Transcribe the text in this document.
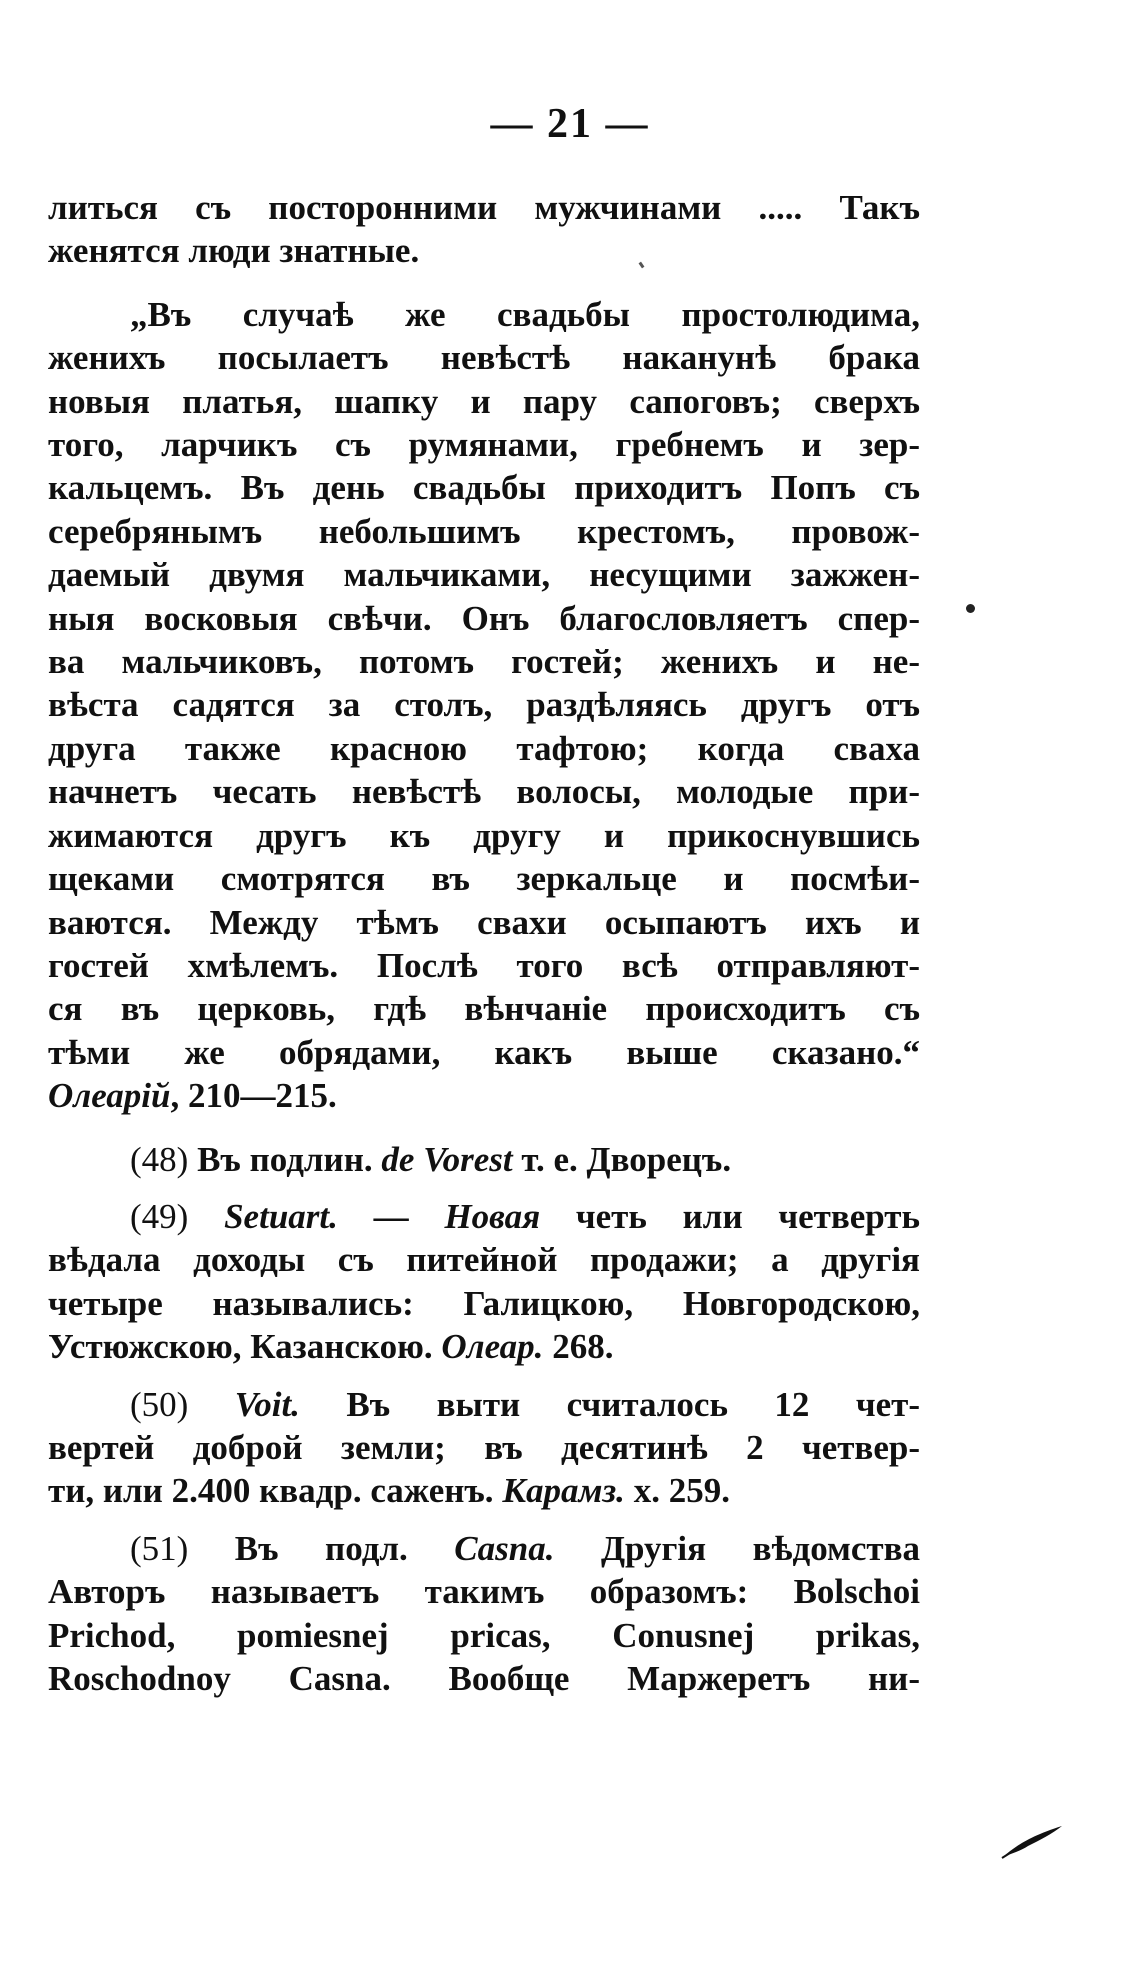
— 21 —

литься съ посторонними мужчинами ..... Такъ
женятся люди знатные.

„Въ случаѣ же свадьбы простолюдима,
женихъ посылаетъ невѣстѣ наканунѣ брака
новыя платья, шапку и пару сапоговъ; сверхъ
того, ларчикъ съ румянами, гребнемъ и зер-
кальцемъ. Въ день свадьбы приходитъ Попъ съ
серебрянымъ небольшимъ крестомъ, провож-
даемый двумя мальчиками, несущими зажжен-
ныя восковыя свѣчи. Онъ благословляетъ спер-
ва мальчиковъ, потомъ гостей; женихъ и не-
вѣста садятся за столъ, раздѣляясь другъ отъ
друга также красною тафтою; когда сваха
начнетъ чесать невѣстѣ волосы, молодые при-
жимаются другъ къ другу и прикоснувшись
щеками смотрятся въ зеркальце и посмѣи-
ваются. Между тѣмъ свахи осыпаютъ ихъ и
гостей хмѣлемъ. Послѣ того всѣ отправляют-
ся въ церковь, гдѣ вѣнчаніе происходитъ съ
тѣми же обрядами, какъ выше сказано.“
Олеарій, 210—215.

(48) Въ подлин. de Vorest т. е. Дворецъ.

(49) Setuart. — Новая четь или четверть
вѣдала доходы съ питейной продажи; а другія
четыре назывались: Галицкою, Новгородскою,
Устюжскою, Казанскою. Олеар. 268.

(50) Voit. Въ выти считалось 12 чет-
вертей доброй земли; въ десятинѣ 2 четвер-
ти, или 2.400 квадр. саженъ. Карамз. x. 259.

(51) Въ подл. Casna. Другія вѣдомства
Авторъ называетъ такимъ образомъ: Bolschoi
Prichod, pomiesnej pricas, Conusnej prikas,
Roschodnoy Casna. Вообще Маржеретъ ни-
